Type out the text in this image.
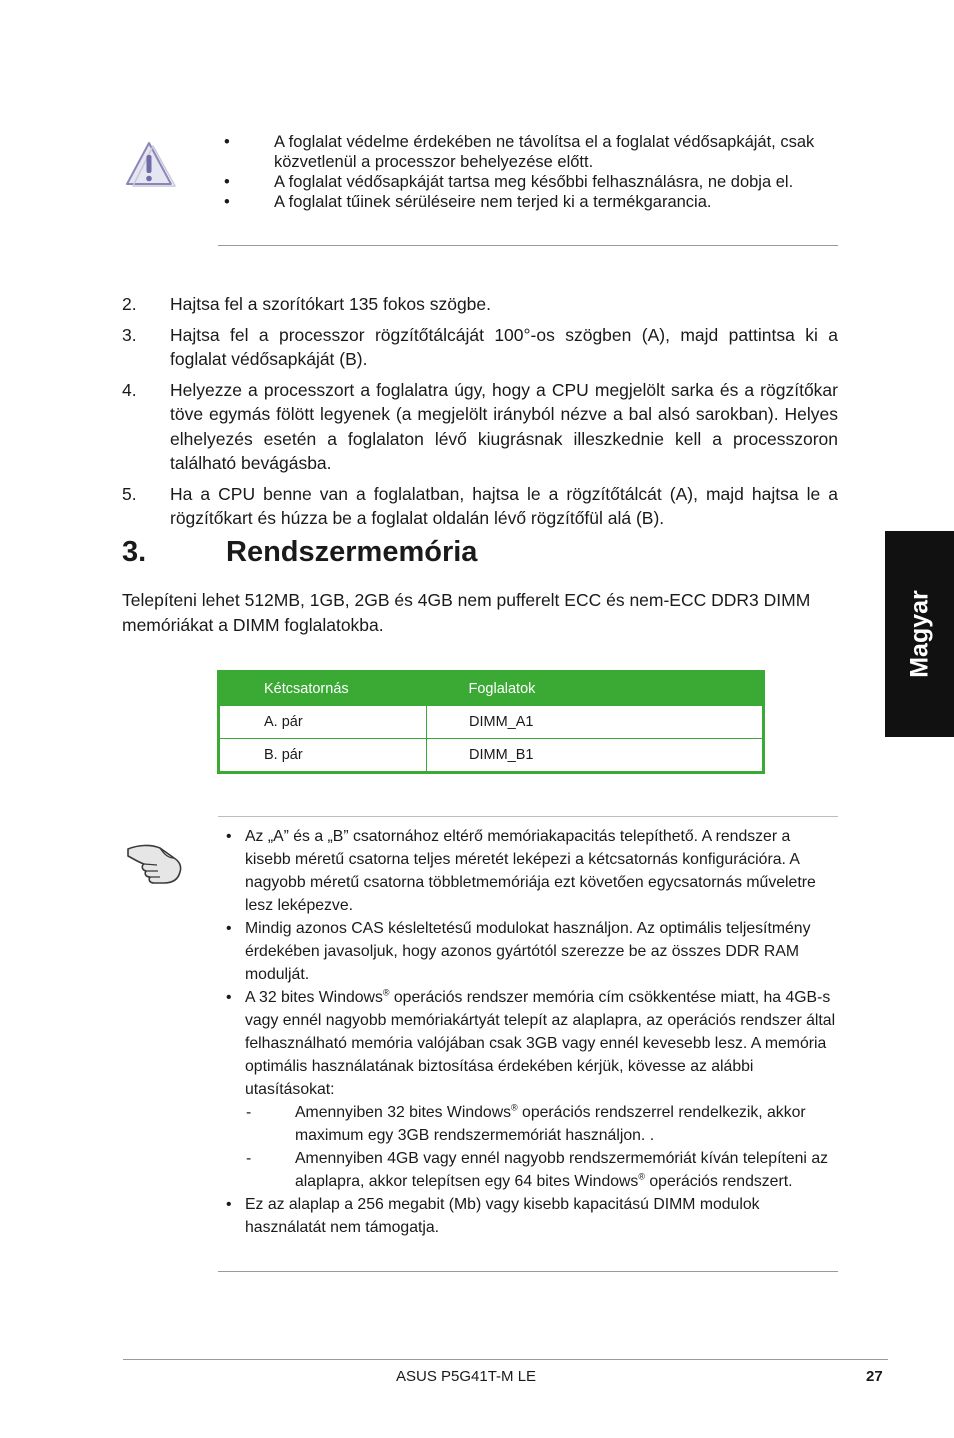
•	A foglalat védelme érdekében ne távolítsa el a foglalat védősapkáját, csak közvetlenül a processzor behelyezése előtt.
•	A foglalat védősapkáját tartsa meg későbbi felhasználásra, ne dobja el.
•	A foglalat tűinek sérüléseire nem terjed ki a termékgarancia.
2. Hajtsa fel a szorítókart 135 fokos szögbe.
3. Hajtsa fel a processzor rögzítőtálcáját 100°-os szögben (A), majd pattintsa ki a foglalat védősapkáját (B).
4. Helyezze a processzort a foglalatra úgy, hogy a CPU megjelölt sarka és a rögzítőkar töve egymás fölött legyenek (a megjelölt irányból nézve a bal alsó sarokban). Helyes elhelyezés esetén a foglalaton lévő kiugrásnak illeszkednie kell a processzoron található bevágásba.
5. Ha a CPU benne van a foglalatban, hajtsa le a rögzítőtálcát (A), majd hajtsa le a rögzítőkart és húzza be a foglalat oldalán lévő rögzítőfül alá (B).
3.	Rendszermemória

Telepíteni lehet 512MB, 1GB, 2GB és 4GB nem pufferelt ECC és nem-ECC DDR3 DIMM memóriákat a DIMM foglalatokba.

Kétcsatornás	Foglalatok
A. pár	DIMM_A1
B. pár	DIMM_B1
• Az „A” és a „B” csatornához eltérő memóriakapacitás telepíthető. A rendszer a kisebb méretű csatorna teljes méretét leképezi a kétcsatornás konfigurációra. A nagyobb méretű csatorna többletmemóriája ezt követően egycsatornás műveletre lesz leképezve.
• Mindig azonos CAS késleltetésű modulokat használjon. Az optimális teljesítmény érdekében javasoljuk, hogy azonos gyártótól szerezze be az összes DDR RAM modulját.
• A 32 bites Windows® operációs rendszer memória cím csökkentése miatt, ha 4GB-s vagy ennél nagyobb memóriakártyát telepít az alaplapra, az operációs rendszer által felhasználható memória valójában csak 3GB vagy ennél kevesebb lesz. A memória optimális használatának biztosítása érdekében kérjük, kövesse az alábbi utasításokat:
-	Amennyiben 32 bites Windows® operációs rendszerrel rendelkezik, akkor maximum egy 3GB rendszermemóriát használjon. .
-	Amennyiben 4GB vagy ennél nagyobb rendszermemóriát kíván telepíteni az alaplapra, akkor telepítsen egy 64 bites Windows® operációs rendszert.
• Ez az alaplap a 256 megabit (Mb) vagy kisebb kapacitású DIMM modulok használatát nem támogatja.
Magyar
ASUS P5G41T-M LE	27
